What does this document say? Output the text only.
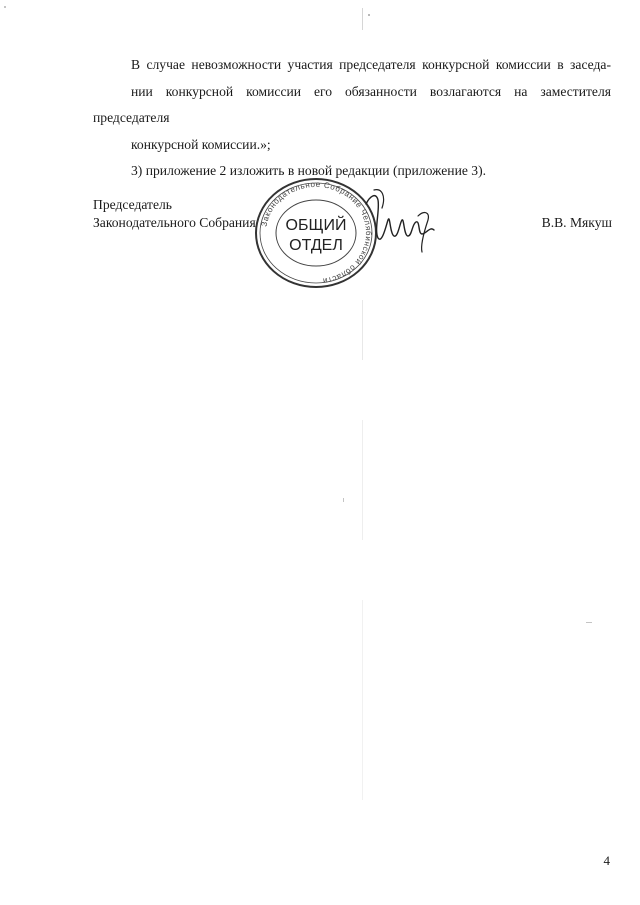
В случае невозможности участия председателя конкурсной комиссии в заседа-
нии конкурсной комиссии его обязанности возлагаются на заместителя председателя
конкурсной комиссии.»;

3) приложение 2 изложить в новой редакции (приложение 3).

Председатель
Законодательного Собрания Законодательное Собрание Челябинской области
ОБЩИЙ
ОТДЕЛ
В.В. Мякуш
4
